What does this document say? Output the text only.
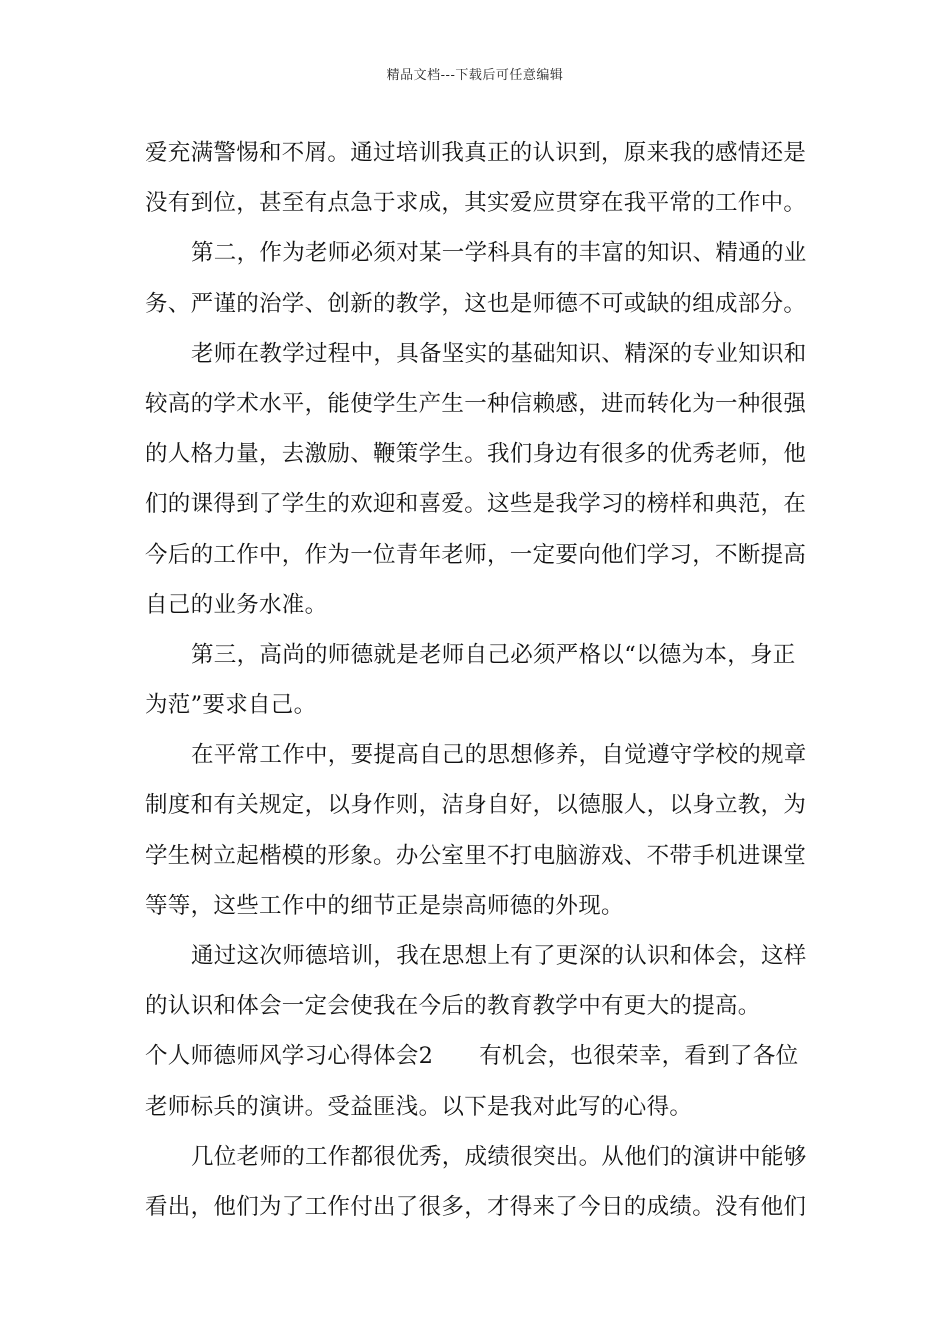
精品文档---下载后可任意编辑
爱充满警惕和不屑。通过培训我真正的认识到，原来我的感情还是
没有到位，甚至有点急于求成，其实爱应贯穿在我平常的工作中。
第二，作为老师必须对某一学科具有的丰富的知识、精通的业
务、严谨的治学、创新的教学，这也是师德不可或缺的组成部分。
老师在教学过程中，具备坚实的基础知识、精深的专业知识和
较高的学术水平，能使学生产生一种信赖感，进而转化为一种很强
的人格力量，去激励、鞭策学生。我们身边有很多的优秀老师，他
们的课得到了学生的欢迎和喜爱。这些是我学习的榜样和典范，在
今后的工作中，作为一位青年老师，一定要向他们学习，不断提高
自己的业务水准。
第三，高尚的师德就是老师自己必须严格以“以德为本，身正
为范”要求自己。
在平常工作中，要提高自己的思想修养，自觉遵守学校的规章
制度和有关规定，以身作则，洁身自好，以德服人，以身立教，为
学生树立起楷模的形象。办公室里不打电脑游戏、不带手机进课堂
等等，这些工作中的细节正是崇高师德的外现。
通过这次师德培训，我在思想上有了更深的认识和体会，这样
的认识和体会一定会使我在今后的教育教学中有更大的提高。
个人师德师风学习心得体会2 有机会，也很荣幸，看到了各位
老师标兵的演讲。受益匪浅。以下是我对此写的心得。
几位老师的工作都很优秀，成绩很突出。从他们的演讲中能够
看出，他们为了工作付出了很多，才得来了今日的成绩。没有他们
